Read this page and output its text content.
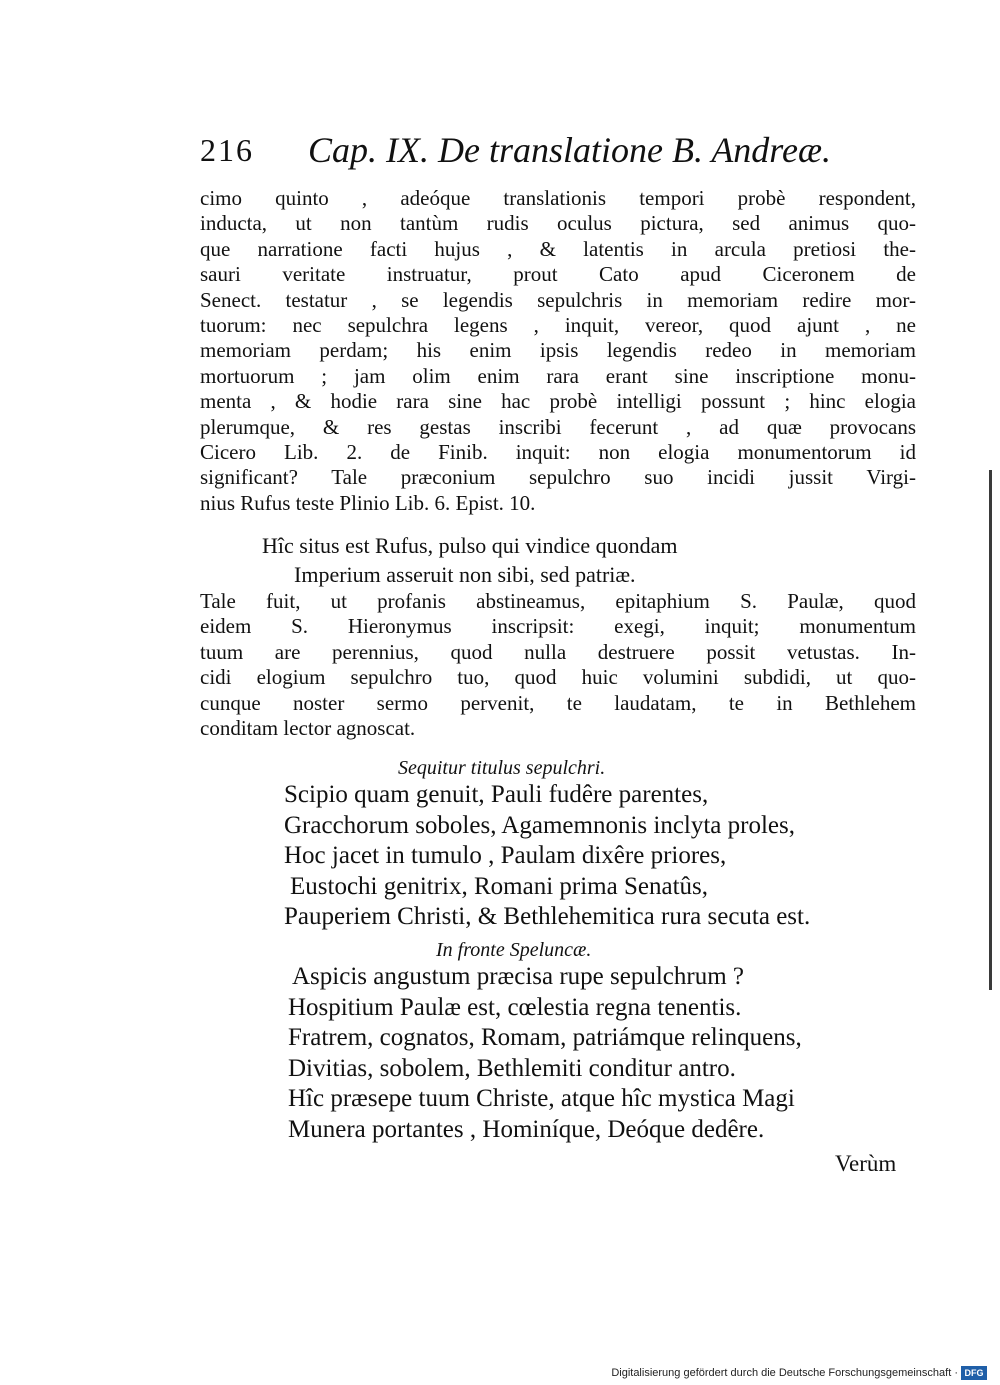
216 Cap. IX. De translatione B. Andreæ.
cimo quinto , adeóque translationis tempori probè respondent,
inducta, ut non tantùm rudis oculus pictura, sed animus quo-
que narratione facti hujus , & latentis in arcula pretiosi the-
sauri veritate instruatur, prout Cato apud Ciceronem de
Senect. testatur , se legendis sepulchris in memoriam redire mor-
tuorum: nec sepulchra legens , inquit, vereor, quod ajunt , ne
memoriam perdam; his enim ipsis legendis redeo in memoriam
mortuorum ; jam olim enim rara erant sine inscriptione monu-
menta , & hodie rara sine hac probè intelligi possunt ; hinc elogia
plerumque, & res gestas inscribi fecerunt , ad quæ provocans
Cicero Lib. 2. de Finib. inquit: non elogia monumentorum id
significant? Tale præconium sepulchro suo incidi jussit Virgi-
nius Rufus teste Plinio Lib. 6. Epist. 10.
Hîc situs est Rufus, pulso qui vindice quondam
Imperium asseruit non sibi, sed patriæ.
Tale fuit, ut profanis abstineamus, epitaphium S. Paulæ, quod
eidem S. Hieronymus inscripsit: exegi, inquit; monumentum
tuum are perennius, quod nulla destruere possit vetustas. In-
cidi elogium sepulchro tuo, quod huic volumini subdidi, ut quo-
cunque noster sermo pervenit, te laudatam, te in Bethlehem
conditam lector agnoscat.
Sequitur titulus sepulchri.
Scipio quam genuit, Pauli fudêre parentes,
Gracchorum soboles, Agamemnonis inclyta proles,
Hoc jacet in tumulo , Paulam dixêre priores,
Eustochi genitrix, Romani prima Senatûs,
Pauperiem Christi, & Bethlehemitica rura secuta est.
In fronte Speluncæ.
Aspicis angustum præcisa rupe sepulchrum ?
Hospitium Paulæ est, cœlestia regna tenentis.
Fratrem, cognatos, Romam, patriámque relinquens,
Divitias, sobolem, Bethlemiti conditur antro.
Hîc præsepe tuum Christe, atque hîc mystica Magi
Munera portantes , Hominíque, Deóque dedêre.
Verùm
Digitalisierung gefördert durch die Deutsche Forschungsgemeinschaft · DFG
